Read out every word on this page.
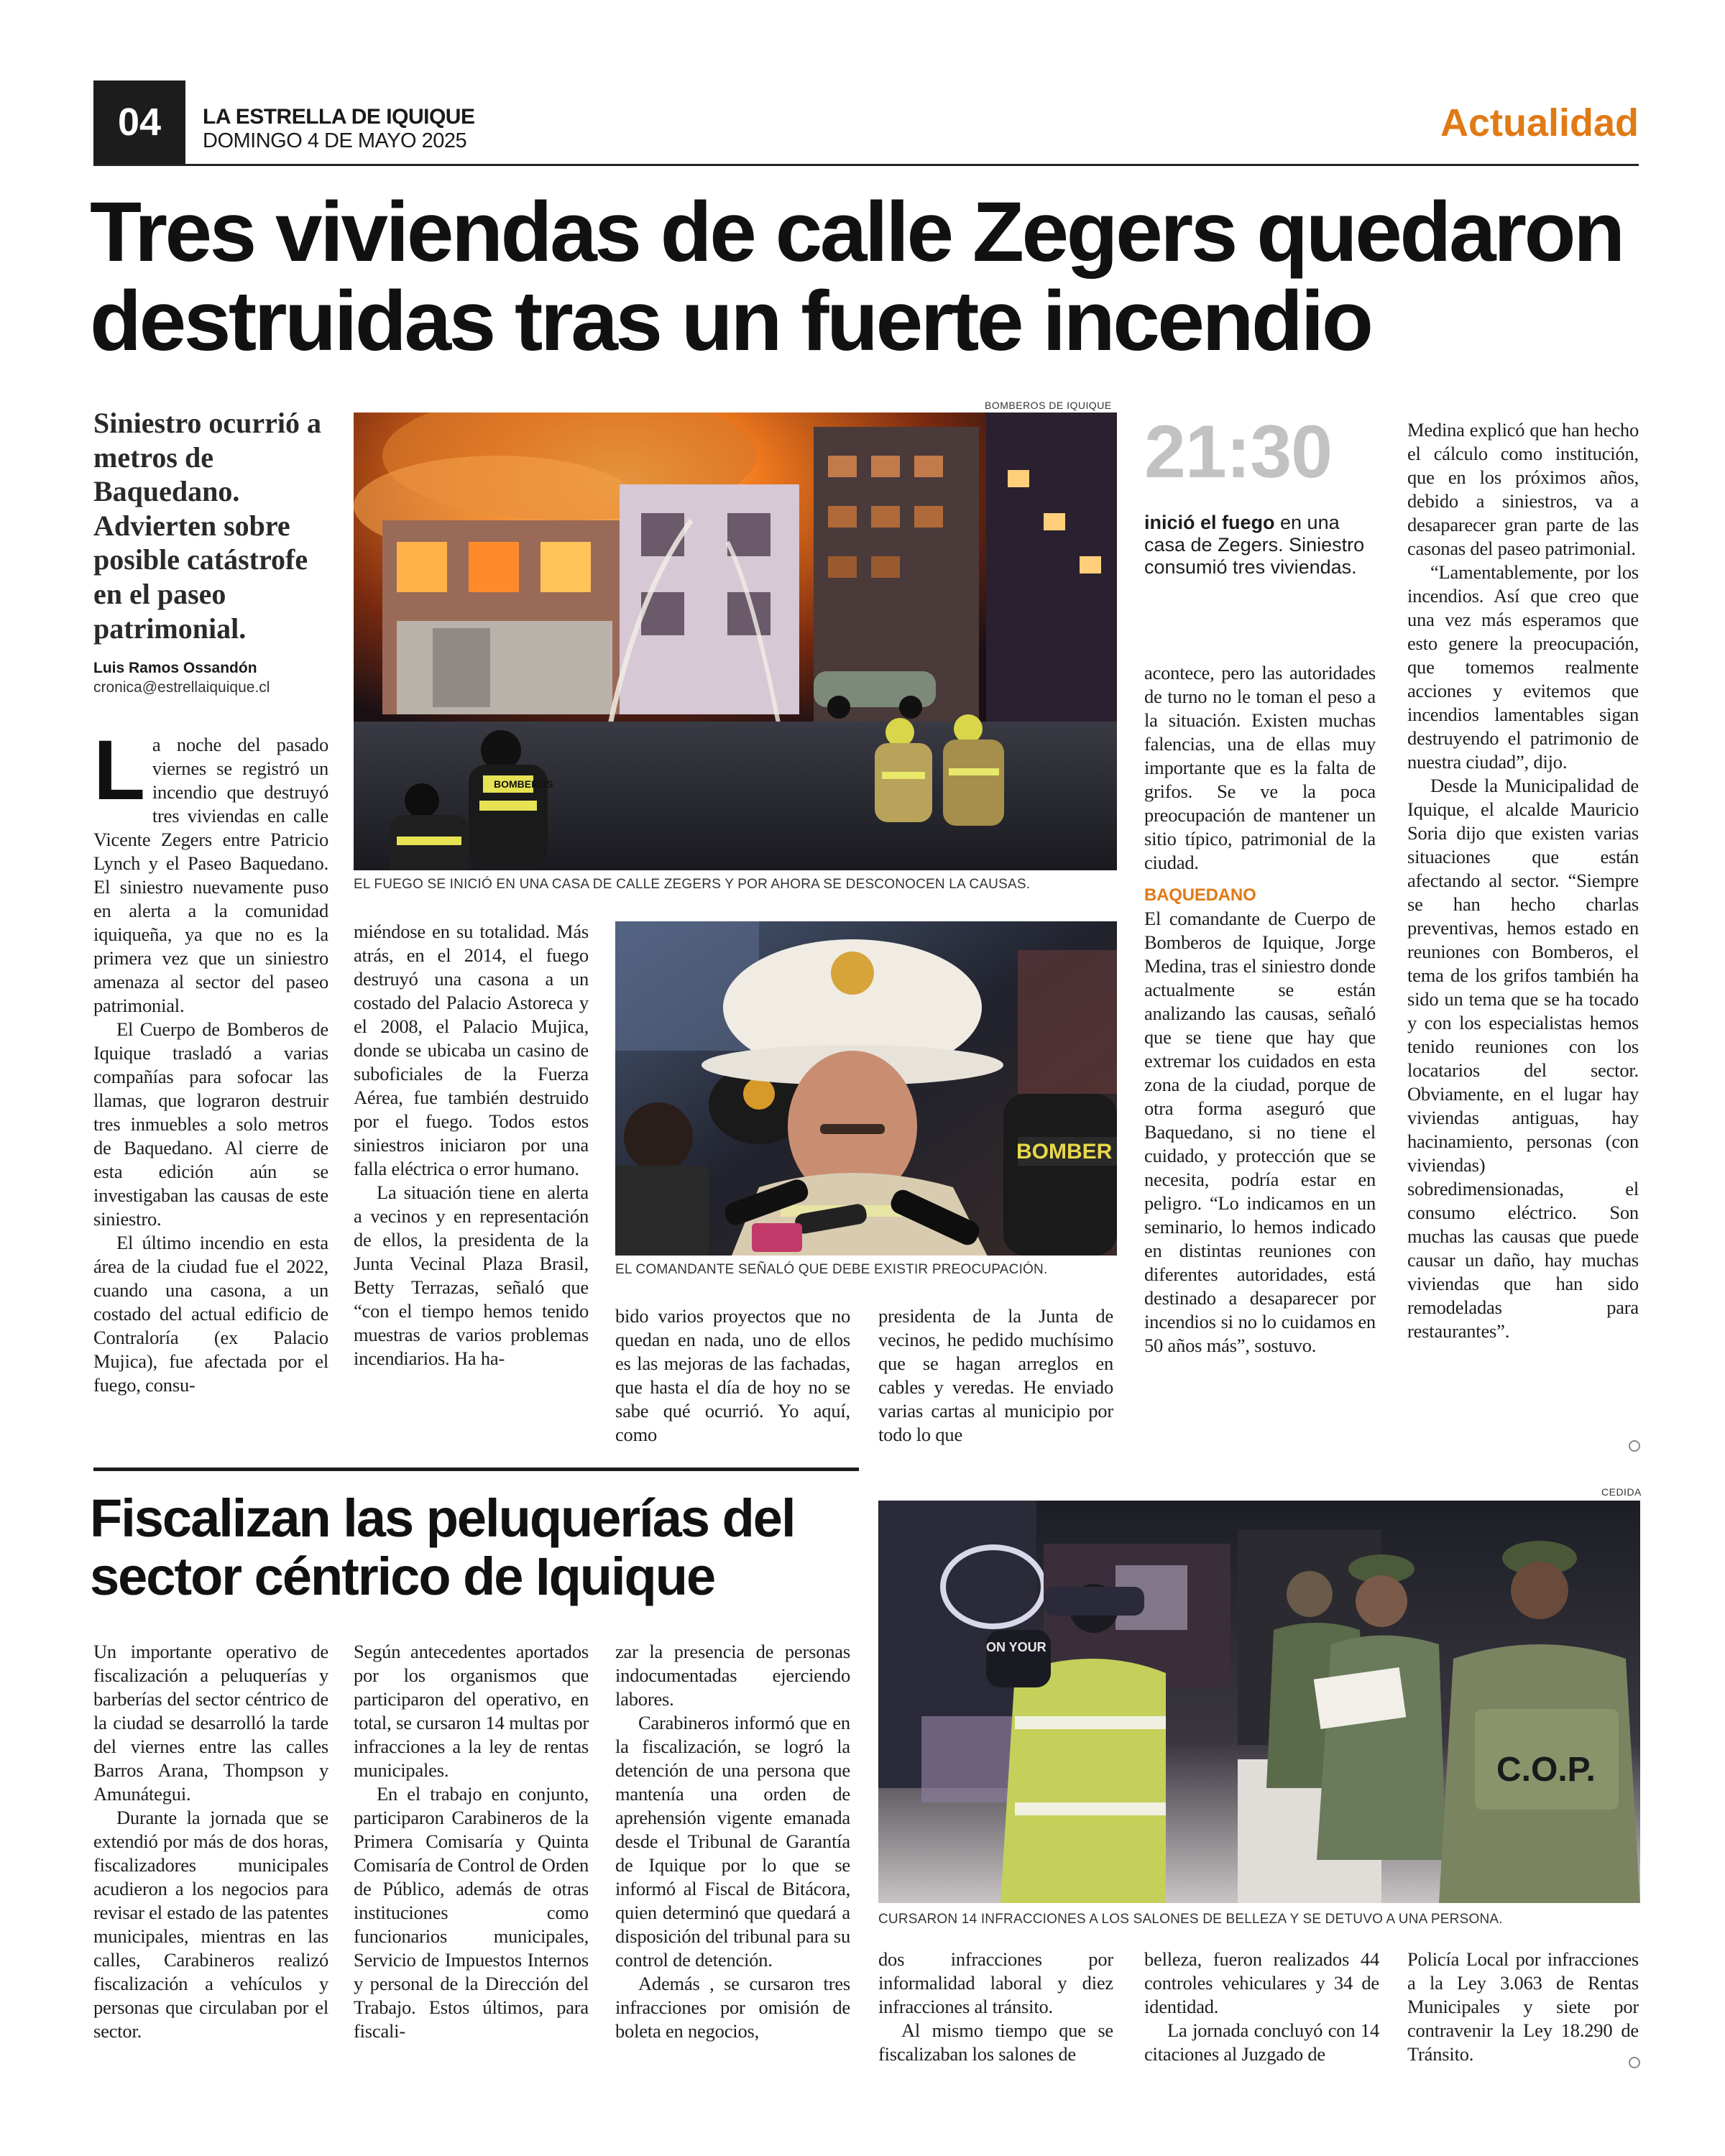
04	LA ESTRELLA DE IQUIQUE
DOMINGO 4 DE MAYO 2025	Actualidad
Tres viviendas de calle Zegers quedaron destruidas tras un fuerte incendio
Siniestro ocurrió a metros de Baquedano. Advierten sobre posible catástrofe en el paseo patrimonial.
Luis Ramos Ossandón
cronica@estrellaiquique.cl
BOMBEROS DE IQUIQUE
BOMBEROS
EL FUEGO SE INICIÓ EN UNA CASA DE CALLE ZEGERS Y POR AHORA SE DESCONOCEN LA CAUSAS.
BOMBER
EL COMANDANTE SEÑALÓ QUE DEBE EXISTIR PREOCUPACIÓN.
21:30
inició el fuego en una casa de Zegers. Siniestro consumió tres viviendas.

La noche del pasado viernes se registró un incendio que destruyó tres viviendas en calle Vicente Zegers entre Patricio Lynch y el Paseo Baquedano. El siniestro nuevamente puso en alerta a la comunidad iquiqueña, ya que no es la primera vez que un siniestro amenaza al sector del paseo patrimonial.

El Cuerpo de Bomberos de Iquique trasladó a varias compañías para sofocar las llamas, que lograron destruir tres inmuebles a solo metros de Baquedano. Al cierre de esta edición aún se investigaban las causas de este siniestro.

El último incendio en esta área de la ciudad fue el 2022, cuando una casona, a un costado del actual edificio de Contraloría (ex Palacio Mujica), fue afectada por el fuego, consu-

miéndose en su totalidad. Más atrás, en el 2014, el fuego destruyó una casona a un costado del Palacio Astoreca y el 2008, el Palacio Mujica, donde se ubicaba un casino de suboficiales de la Fuerza Aérea, fue también destruido por el fuego. Todos estos siniestros iniciaron por una falla eléctrica o error humano.

La situación tiene en alerta a vecinos y en representación de ellos, la presidenta de la Junta Vecinal Plaza Brasil, Betty Terrazas, señaló que “con el tiempo hemos tenido muestras de varios problemas incendiarios. Ha ha-

bido varios proyectos que no quedan en nada, uno de ellos es las mejoras de las fachadas, que hasta el día de hoy no se sabe qué ocurrió. Yo aquí, como

presidenta de la Junta de vecinos, he pedido muchísimo que se hagan arreglos en cables y veredas. He enviado varias cartas al municipio por todo lo que

acontece, pero las autoridades de turno no le toman el peso a la situación. Existen muchas falencias, una de ellas muy importante que es la falta de grifos. Se ve la poca preocupación de mantener un sitio típico, patrimonial de la ciudad.

BAQUEDANO

El comandante de Cuerpo de Bomberos de Iquique, Jorge Medina, tras el siniestro donde actualmente se están analizando las causas, señaló que se tiene que hay que extremar los cuidados en esta zona de la ciudad, porque de otra forma aseguró que Baquedano, si no tiene el cuidado, y protección que se necesita, podría estar en peligro. “Lo indicamos en un seminario, lo hemos indicado en distintas reuniones con diferentes autoridades, está destinado a desaparecer por incendios si no lo cuidamos en 50 años más”, sostuvo.

Medina explicó que han hecho el cálculo como institución, que en los próximos años, debido a siniestros, va a desaparecer gran parte de las casonas del paseo patrimonial.

“Lamentablemente, por los incendios. Así que creo que una vez más esperamos que esto genere la preocupación, que tomemos realmente acciones y evitemos que incendios lamentables sigan destruyendo el patrimonio de nuestra ciudad”, dijo.

Desde la Municipalidad de Iquique, el alcalde Mauricio Soria dijo que existen varias situaciones que están afectando al sector. “Siempre se han hecho charlas preventivas, hemos estado en reuniones con Bomberos, el tema de los grifos también ha sido un tema que se ha tocado y con los especialistas hemos tenido reuniones con los locatarios del sector. Obviamente, en el lugar hay viviendas antiguas, hay hacinamiento, personas (con viviendas) sobredimensionadas, el consumo eléctrico. Son muchas las causas que puede causar un daño, hay muchas viviendas que han sido remodeladas para restaurantes”.

Fiscalizan las peluquerías del sector céntrico de Iquique
CEDIDA
ON YOUR
C.O.P.
CURSARON 14 INFRACCIONES A LOS SALONES DE BELLEZA Y SE DETUVO A UNA PERSONA.

Un importante operativo de fiscalización a peluquerías y barberías del sector céntrico de la ciudad se desarrolló la tarde del viernes entre las calles Barros Arana, Thompson y Amunátegui.

Durante la jornada que se extendió por más de dos horas, fiscalizadores municipales acudieron a los negocios para revisar el estado de las patentes municipales, mientras en las calles, Carabineros realizó fiscalización a vehículos y personas que circulaban por el sector.

Según antecedentes aportados por los organismos que participaron del operativo, en total, se cursaron 14 multas por infracciones a la ley de rentas municipales.

En el trabajo en conjunto, participaron Carabineros de la Primera Comisaría y Quinta Comisaría de Control de Orden de Público, además de otras instituciones como funcionarios municipales, Servicio de Impuestos Internos y personal de la Dirección del Trabajo. Estos últimos, para fiscali-

zar la presencia de personas indocumentadas ejerciendo labores.

Carabineros informó que en la fiscalización, se logró la detención de una persona que mantenía una orden de aprehensión vigente emanada desde el Tribunal de Garantía de Iquique por lo que se informó al Fiscal de Bitácora, quien determinó que quedará a disposición del tribunal para su control de detención.

Además , se cursaron tres infracciones por omisión de boleta en negocios,

dos infracciones por informalidad laboral y diez infracciones al tránsito.

Al mismo tiempo que se fiscalizaban los salones de

belleza, fueron realizados 44 controles vehiculares y 34 de identidad.

La jornada concluyó con 14 citaciones al Juzgado de

Policía Local por infracciones a la Ley 3.063 de Rentas Municipales y siete por contravenir la Ley 18.290 de Tránsito.
